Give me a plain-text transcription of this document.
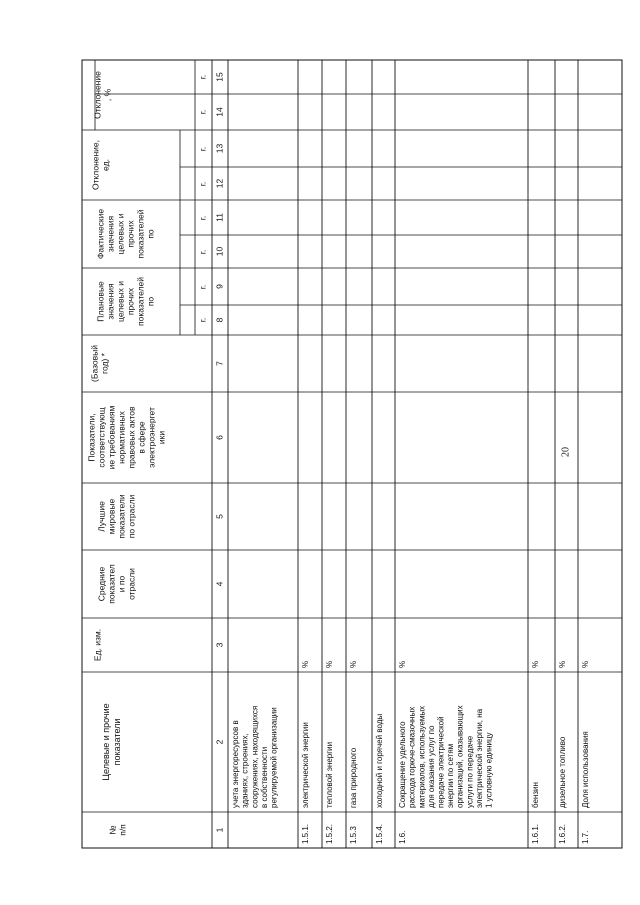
20
№ п/п
Целевые и прочие показатели
Ед. изм.
Средние показател и по отрасли
Лучшие мировые показатели по отрасли
Показатели, соответствующ ие требованиям нормативных правовых актов в сфере электроэнергет ики
(Базовый год) *
Плановые значения целевых и прочих показателей по
Фактические значения целевых и прочих показателей по
Отклонение, ед.
Отклонение , %
г.
г.
г.
г.
г.
г.
г.
г.
1
2
3
4
5
6
7
8
9
10
11
12
13
14
15
учета энергоресурсов в зданиях, строениях, сооружениях, находящихся в собственности регулируемой организации
1.5.1.
электрической энергии
%
1.5.2.
тепловой энергии
%
1.5.3
газа природного
%
1.5.4.
холодной и горячей воды
1.6.
Сокращение удельного расхода горюче-смазочных материалов, используемых для оказания услуг по передаче электрической энергии по сетям организаций, оказывающих услуги по передаче электрической энергии, на 1 условную единицу
%
1.6.1.
бензин
%
1.6.2.
дизельное топливо
%
1.7.
Доля использования
%
